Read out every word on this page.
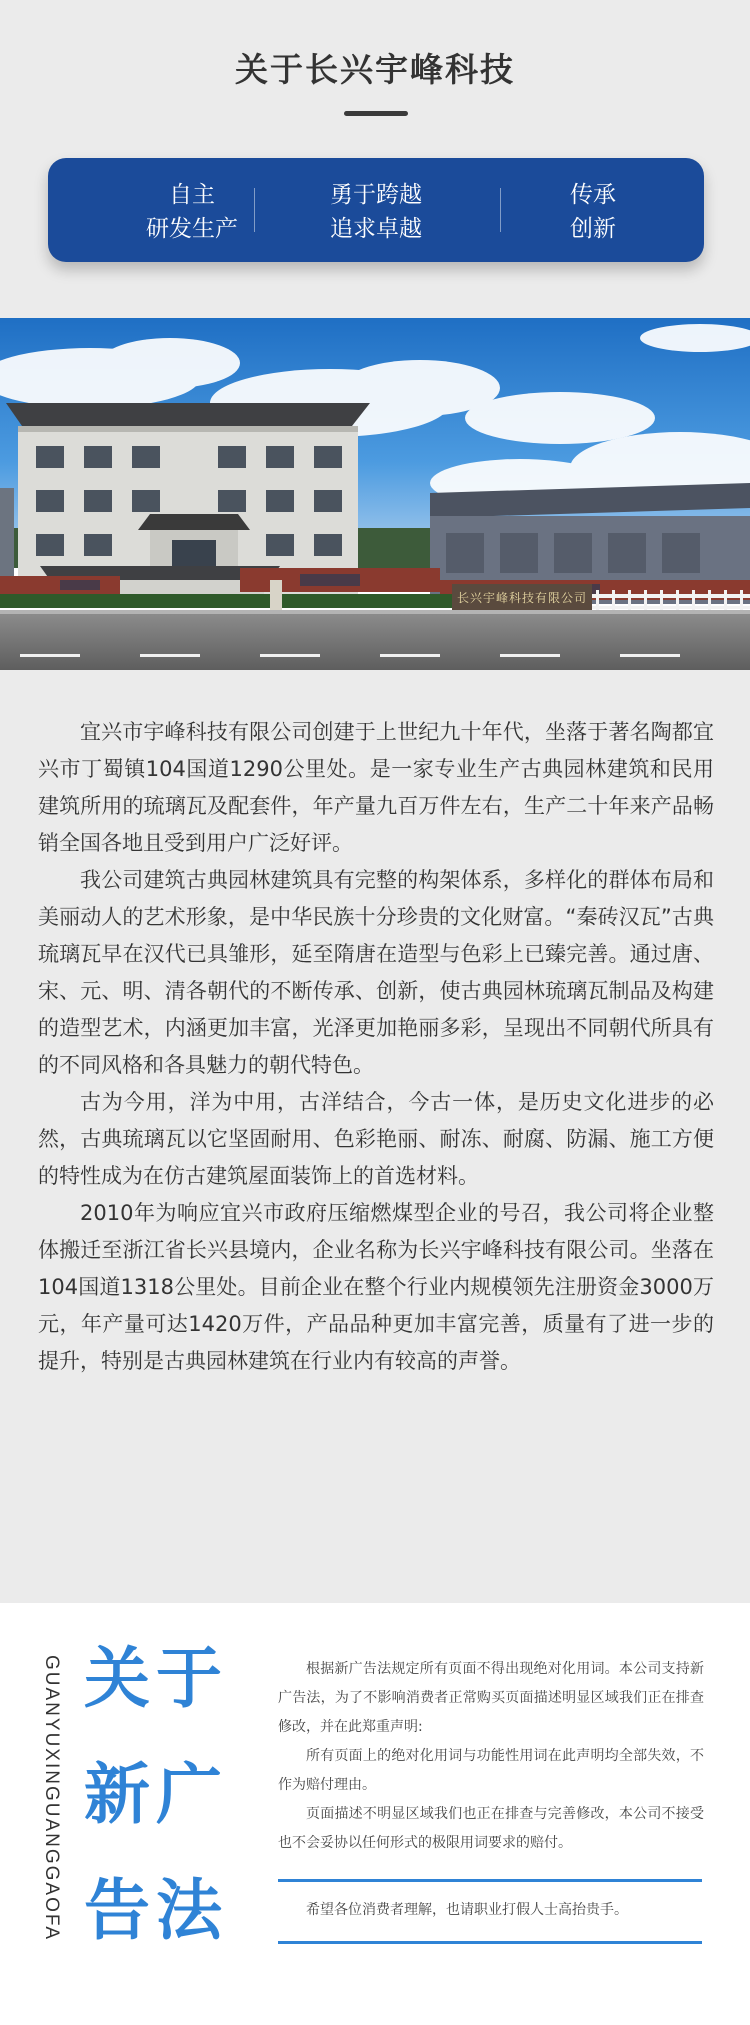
关于长兴宇峰科技
自主
研发生产
勇于跨越
追求卓越
传承
创新
长兴宇峰科技有限公司

宜兴市宇峰科技有限公司创建于上世纪九十年代，坐落于著名陶都宜兴市丁蜀镇104国道1290公里处。是一家专业生产古典园林建筑和民用建筑所用的琉璃瓦及配套件，年产量九百万件左右，生产二十年来产品畅销全国各地且受到用户广泛好评。

我公司建筑古典园林建筑具有完整的构架体系，多样化的群体布局和美丽动人的艺术形象，是中华民族十分珍贵的文化财富。“秦砖汉瓦”古典琉璃瓦早在汉代已具雏形，延至隋唐在造型与色彩上已臻完善。通过唐、宋、元、明、清各朝代的不断传承、创新，使古典园林琉璃瓦制品及构建的造型艺术，内涵更加丰富，光泽更加艳丽多彩，呈现出不同朝代所具有的不同风格和各具魅力的朝代特色。

古为今用，洋为中用，古洋结合，今古一体，是历史文化进步的必然，古典琉璃瓦以它坚固耐用、色彩艳丽、耐冻、耐腐、防漏、施工方便的特性成为在仿古建筑屋面装饰上的首选材料。

2010年为响应宜兴市政府压缩燃煤型企业的号召，我公司将企业整体搬迁至浙江省长兴县境内，企业名称为长兴宇峰科技有限公司。坐落在104国道1318公里处。目前企业在整个行业内规模领先注册资金3000万元，年产量可达1420万件，产品品种更加丰富完善，质量有了进一步的提升，特别是古典园林建筑在行业内有较高的声誉。

GUANYUXINGUANGGAOFA 关于
新广
告法

根据新广告法规定所有页面不得出现绝对化用词。本公司支持新广告法，为了不影响消费者正常购买页面描述明显区域我们正在排查修改，并在此郑重声明:

所有页面上的绝对化用词与功能性用词在此声明均全部失效，不作为赔付理由。

页面描述不明显区域我们也正在排查与完善修改，本公司不接受也不会妥协以任何形式的极限用词要求的赔付。

希望各位消费者理解，也请职业打假人士高抬贵手。
